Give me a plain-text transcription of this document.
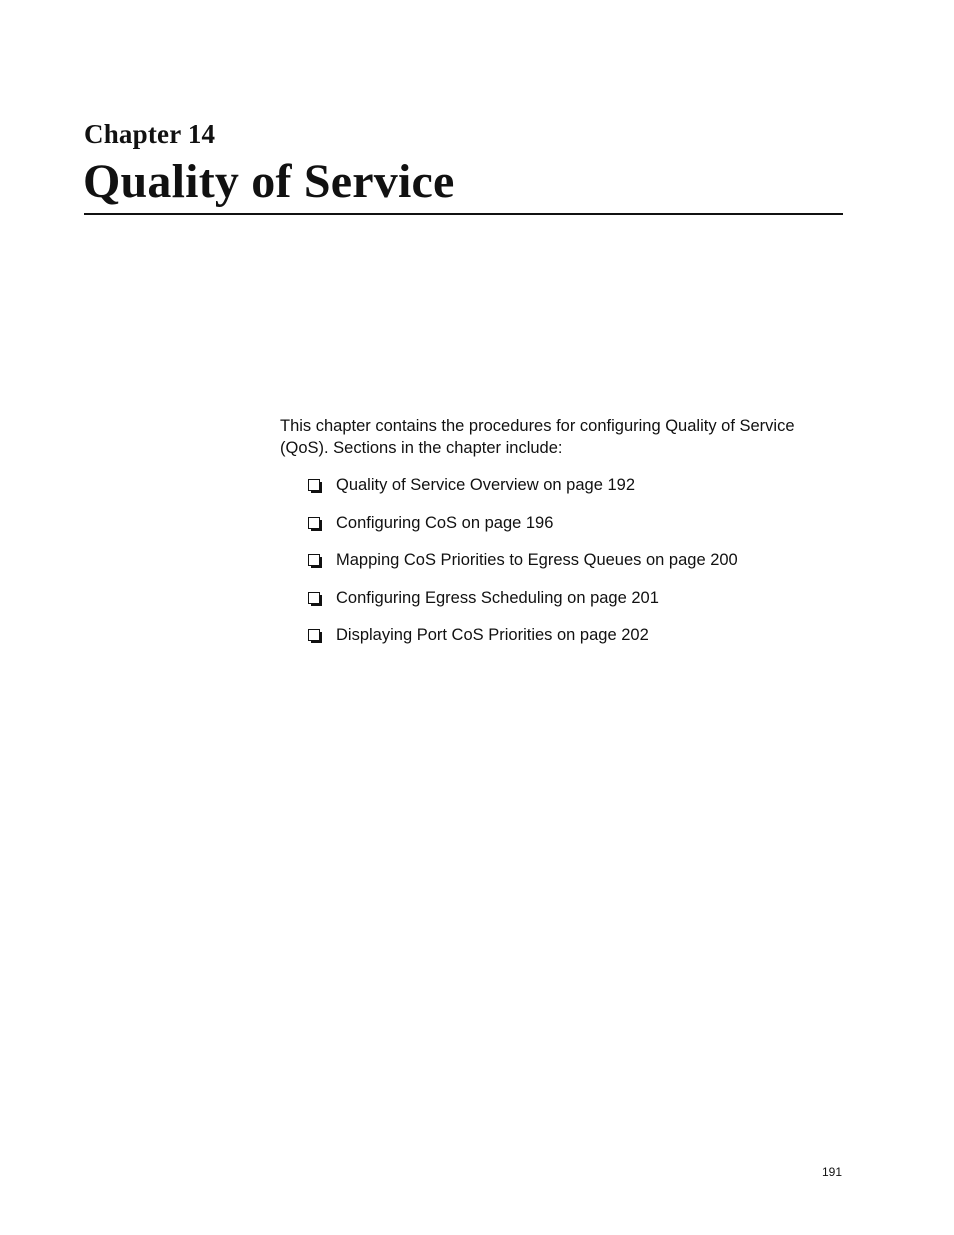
Chapter 14
Quality of Service

This chapter contains the procedures for configuring Quality of Service (QoS). Sections in the chapter include:

Quality of Service Overview on page 192
Configuring CoS on page 196
Mapping CoS Priorities to Egress Queues on page 200
Configuring Egress Scheduling on page 201
Displaying Port CoS Priorities on page 202
191
